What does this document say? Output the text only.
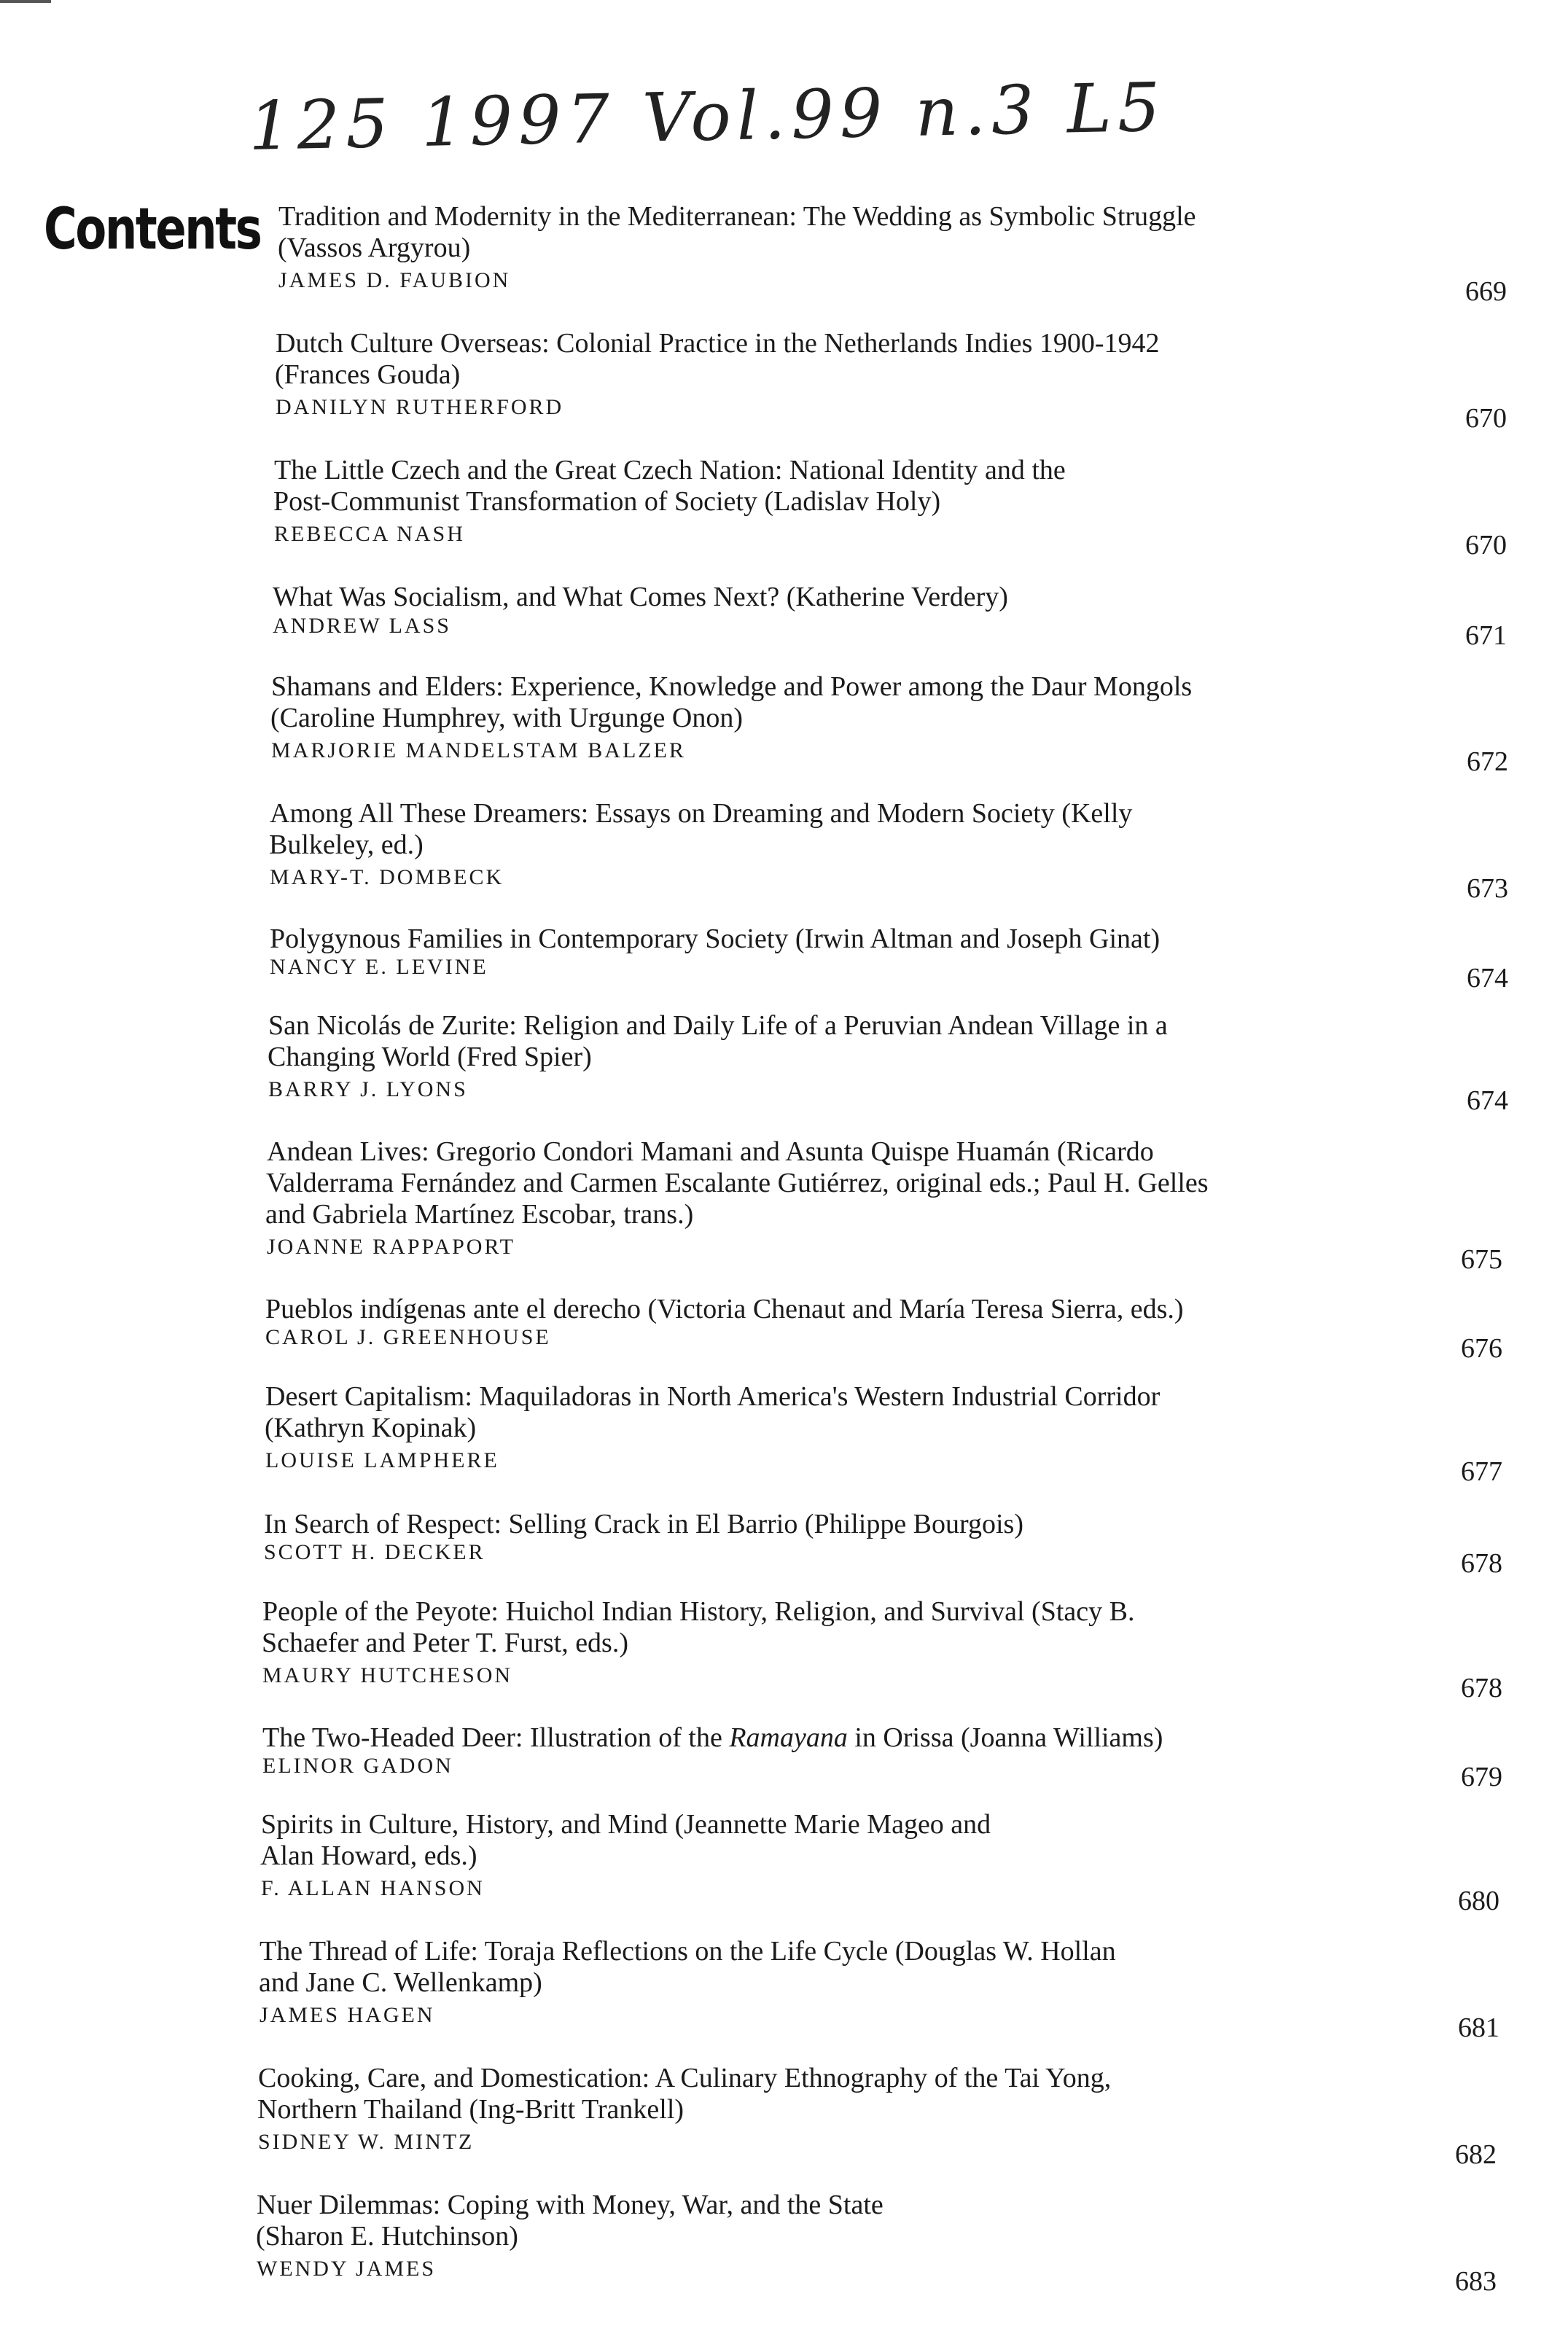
125 1997 Vol.99 n.3 L5
Contents Tradition and Modernity in the Mediterranean: The Wedding as Symbolic Struggle
(Vassos Argyrou)
JAMES D. FAUBION	669
Dutch Culture Overseas: Colonial Practice in the Netherlands Indies 1900-1942
(Frances Gouda)
DANILYN RUTHERFORD	670
The Little Czech and the Great Czech Nation: National Identity and the
Post-Communist Transformation of Society (Ladislav Holy)
REBECCA NASH	670
What Was Socialism, and What Comes Next? (Katherine Verdery)
ANDREW LASS	671
Shamans and Elders: Experience, Knowledge and Power among the Daur Mongols
(Caroline Humphrey, with Urgunge Onon)
MARJORIE MANDELSTAM BALZER	672
Among All These Dreamers: Essays on Dreaming and Modern Society (Kelly
Bulkeley, ed.)
MARY-T. DOMBECK	673
Polygynous Families in Contemporary Society (Irwin Altman and Joseph Ginat)
NANCY E. LEVINE	674
San Nicolás de Zurite: Religion and Daily Life of a Peruvian Andean Village in a
Changing World (Fred Spier)
BARRY J. LYONS	674
Andean Lives: Gregorio Condori Mamani and Asunta Quispe Huamán (Ricardo
Valderrama Fernández and Carmen Escalante Gutiérrez, original eds.; Paul H. Gelles
and Gabriela Martínez Escobar, trans.)
JOANNE RAPPAPORT	675
Pueblos indígenas ante el derecho (Victoria Chenaut and María Teresa Sierra, eds.)
CAROL J. GREENHOUSE	676
Desert Capitalism: Maquiladoras in North America's Western Industrial Corridor
(Kathryn Kopinak)
LOUISE LAMPHERE	677
In Search of Respect: Selling Crack in El Barrio (Philippe Bourgois)
SCOTT H. DECKER	678
People of the Peyote: Huichol Indian History, Religion, and Survival (Stacy B.
Schaefer and Peter T. Furst, eds.)
MAURY HUTCHESON	678
The Two-Headed Deer: Illustration of the Ramayana in Orissa (Joanna Williams)
ELINOR GADON	679
Spirits in Culture, History, and Mind (Jeannette Marie Mageo and
Alan Howard, eds.)
F. ALLAN HANSON	680
The Thread of Life: Toraja Reflections on the Life Cycle (Douglas W. Hollan
and Jane C. Wellenkamp)
JAMES HAGEN	681
Cooking, Care, and Domestication: A Culinary Ethnography of the Tai Yong,
Northern Thailand (Ing-Britt Trankell)
SIDNEY W. MINTZ	682
Nuer Dilemmas: Coping with Money, War, and the State
(Sharon E. Hutchinson)
WENDY JAMES	683
